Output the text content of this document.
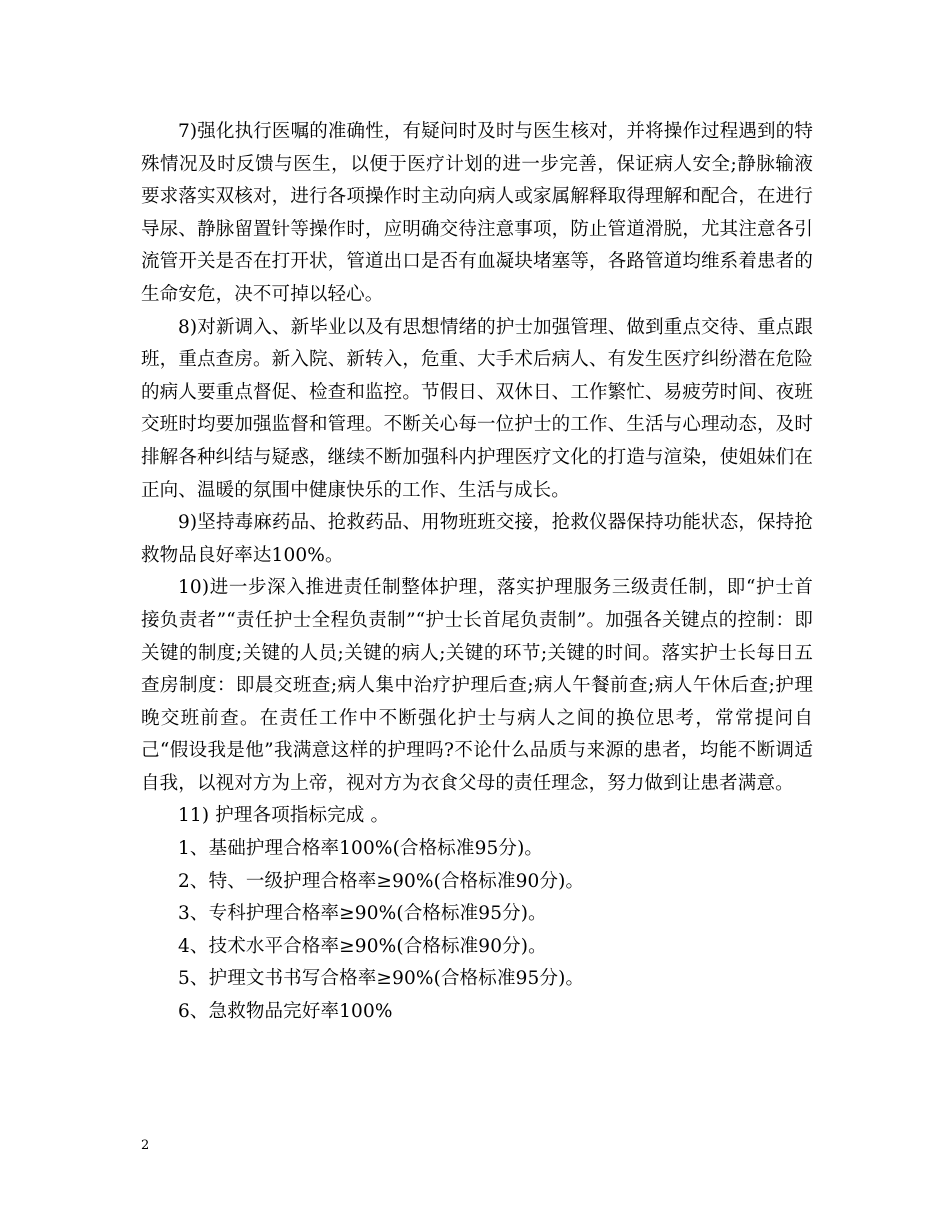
7)强化执行医嘱的准确性，有疑问时及时与医生核对，并将操作过程遇到的特殊情况及时反馈与医生，以便于医疗计划的进一步完善，保证病人安全;静脉输液要求落实双核对，进行各项操作时主动向病人或家属解释取得理解和配合，在进行导尿、静脉留置针等操作时，应明确交待注意事项，防止管道滑脱，尤其注意各引流管开关是否在打开状，管道出口是否有血凝块堵塞等，各路管道均维系着患者的生命安危，决不可掉以轻心。

8)对新调入、新毕业以及有思想情绪的护士加强管理、做到重点交待、重点跟班，重点查房。新入院、新转入，危重、大手术后病人、有发生医疗纠纷潜在危险的病人要重点督促、检查和监控。节假日、双休日、工作繁忙、易疲劳时间、夜班交班时均要加强监督和管理。不断关心每一位护士的工作、生活与心理动态，及时排解各种纠结与疑惑，继续不断加强科内护理医疗文化的打造与渲染，使姐妹们在正向、温暖的氛围中健康快乐的工作、生活与成长。

9)坚持毒麻药品、抢救药品、用物班班交接，抢救仪器保持功能状态，保持抢救物品良好率达100%。

10)进一步深入推进责任制整体护理，落实护理服务三级责任制，即“护士首接负责者”“责任护士全程负责制”“护士长首尾负责制”。加强各关键点的控制：即关键的制度;关键的人员;关键的病人;关键的环节;关键的时间。落实护士长每日五查房制度：即晨交班查;病人集中治疗护理后查;病人午餐前查;病人午休后查;护理晚交班前查。在责任工作中不断强化护士与病人之间的换位思考，常常提问自己“假设我是他”我满意这样的护理吗?不论什么品质与来源的患者，均能不断调适自我，以视对方为上帝，视对方为衣食父母的责任理念，努力做到让患者满意。

11) 护理各项指标完成 。

1、基础护理合格率100%(合格标准95分)。

2、特、一级护理合格率≥90%(合格标准90分)。

3、专科护理合格率≥90%(合格标准95分)。

4、技术水平合格率≥90%(合格标准90分)。

5、护理文书书写合格率≥90%(合格标准95分)。

6、急救物品完好率100%

2
